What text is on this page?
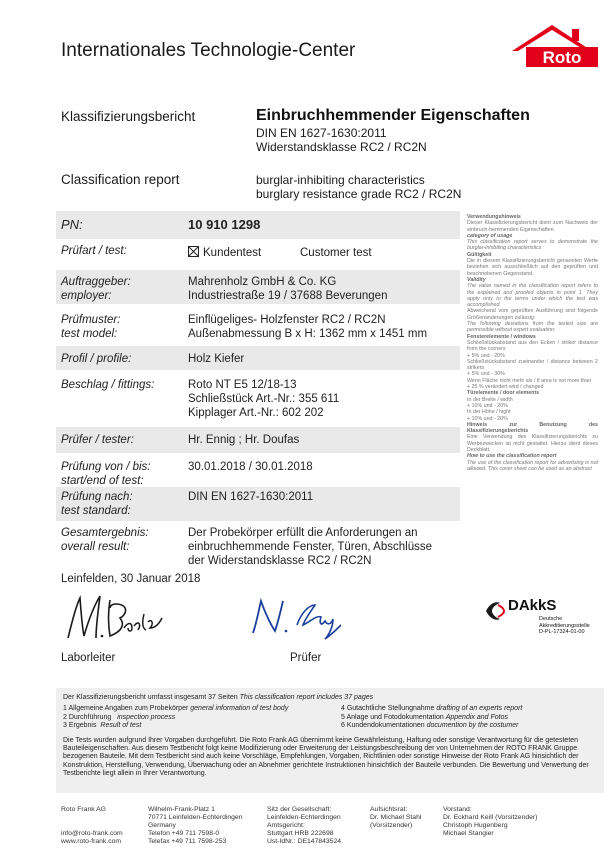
Internationales Technologie-Center	Roto
Klassifizierungsbericht	Einbruchhemmender Eigenschaften
DIN EN 1627-1630:2011
Widerstandsklasse RC2 / RC2N
Classification report	burglar-inhibiting characteristics
burglary resistance grade RC2 / RC2N
PN:	10 910 1298
Prüfart / test:	Kundentest	Customer test
Auftraggeber:
employer:
Mahrenholz GmbH & Co. KG
Industriestraße 19 / 37688 Beverungen
Prüfmuster:
test model:
Einflügeliges- Holzfenster RC2 / RC2N
Außenabmessung B x H: 1362 mm x 1451 mm
Profil / profile:	Holz Kiefer
Beschlag / fittings:	Roto NT E5 12/18-13
Schließstück Art.-Nr.: 355 611
Kipplager Art.-Nr.: 602 202
Prüfer / tester:	Hr. Ennig ; Hr. Doufas
Prüfung von / bis:
start/end of test:
30.01.2018 / 30.01.2018
Prüfung nach:
test standard:
DIN EN 1627-1630:2011
Gesamtergebnis:
overall result:
Der Probekörper erfüllt die Anforderungen an
einbruchhemmende Fenster, Türen, Abschlüsse
der Widerstandsklasse RC2 / RC2N

Verwendungshinweis

Dieser Klassifizierungsbericht dient zum Nachweis der einbruch-hemmenden Eigenschaften.

category of usage

This classification report serves to demonstrate the burglar-inhibiting characteristics

Gültigkeit

Die in diesem Klassifizierungsbericht genannten Werte beziehen sich ausschließlich auf den geprüften und beschriebenen Gegenstand.

Validity

The value named in the classification report refers to the explained and proofed objects in point 1. They apply only to the terms under which the test was accomplished.

Abweichend vom geprüften Ausführung sind folgende Größenänderungen zulässig:

The following deviations from the tested size are permissible without expert evaluation:

Fensterelemente / windows

Schließstückabstand aus den Ecken / striker distance from the corners

+ 5% und - 20%

Schließstückabstand zueinander / distance between 2 strikers

+ 5% und - 30%

Wenn Fläche nicht mehr als / if area is not more than

+ 25 % verändert wird / changed

Türelemente / door elements

In der Breite / width

+ 10% und - 20%

In der Höhe / hight

+ 10% und - 20%

Hinweis zur Benutzung des Klassifizierungsberichts

Eine Verwendung des Klassifizierungsberichts zu Werbezwecken ist nicht gestattet. Hierzu dient dieses Deckblatt.

How to use the classification report

The use of the classification report for advertising is not allowed. This cover sheet can be used as an abstract

Leinfelden, 30 Januar 2018
Laborleiter	Prüfer
DAkkS
Deutsche
Akkreditierungsstelle
D-PL-17324-01-00
Der Klassifizierungsbericht umfasst insgesamt 37 Seiten This classification report includes 37 pages
1 Allgemeine Angaben zum Probekörper general information of test body
2 Durchführung inspection process
3 Ergebnis Result of test
4 Gutachtliche Stellungnahme drafting of an experts report
5 Anlage und Fotodokumentation Appendix and Fotos
6 Kundendokumentationen documention by the costumer
Die Tests wurden aufgrund Ihrer Vorgaben durchgeführt. Die Roto Frank AG übernimmt keine Gewährleistung, Haftung oder sonstige Verantwortung für die getesteten Bauteileigenschaften. Aus diesem Testbericht folgt keine Modifizierung oder Erweiterung der Leistungsbeschreibung der von Unternehmen der ROTO FRANK Gruppe bezogenen Bauteile. Mit dem Testbericht sind auch keine Vorschläge, Empfehlungen, Vorgaben, Richtlinien oder sonstige Hinweise der Roto Frank AG hinsichtlich der Konstruktion, Herstellung, Verwendung, Überwachung oder an Abnehmer gerichtete Instruktionen hinsichtlich der Bauteile verbunden. Die Bewertung und Verwertung der Testberichte liegt allein in Ihrer Verantwortung.
Roto Frank AG
info@roto-frank.com
www.roto-frank.com
Wilhelm-Frank-Platz 1
70771 Leinfelden-Echterdingen
Germany
Telefon +49 711 7598-0
Telefax +49 711 7598-253
Sitz der Gesellschaft:
Leinfelden-Echterdingen
Amtsgericht:
Stuttgart HRB 222698
Ust-IdNr.: DE147843524
Aufsichtsrat:
Dr. Michael Stahl
(Vorsitzender)
Vorstand:
Dr. Eckhard Keill (Vorsitzender)
Christoph Hugenberg
Michael Stangier
